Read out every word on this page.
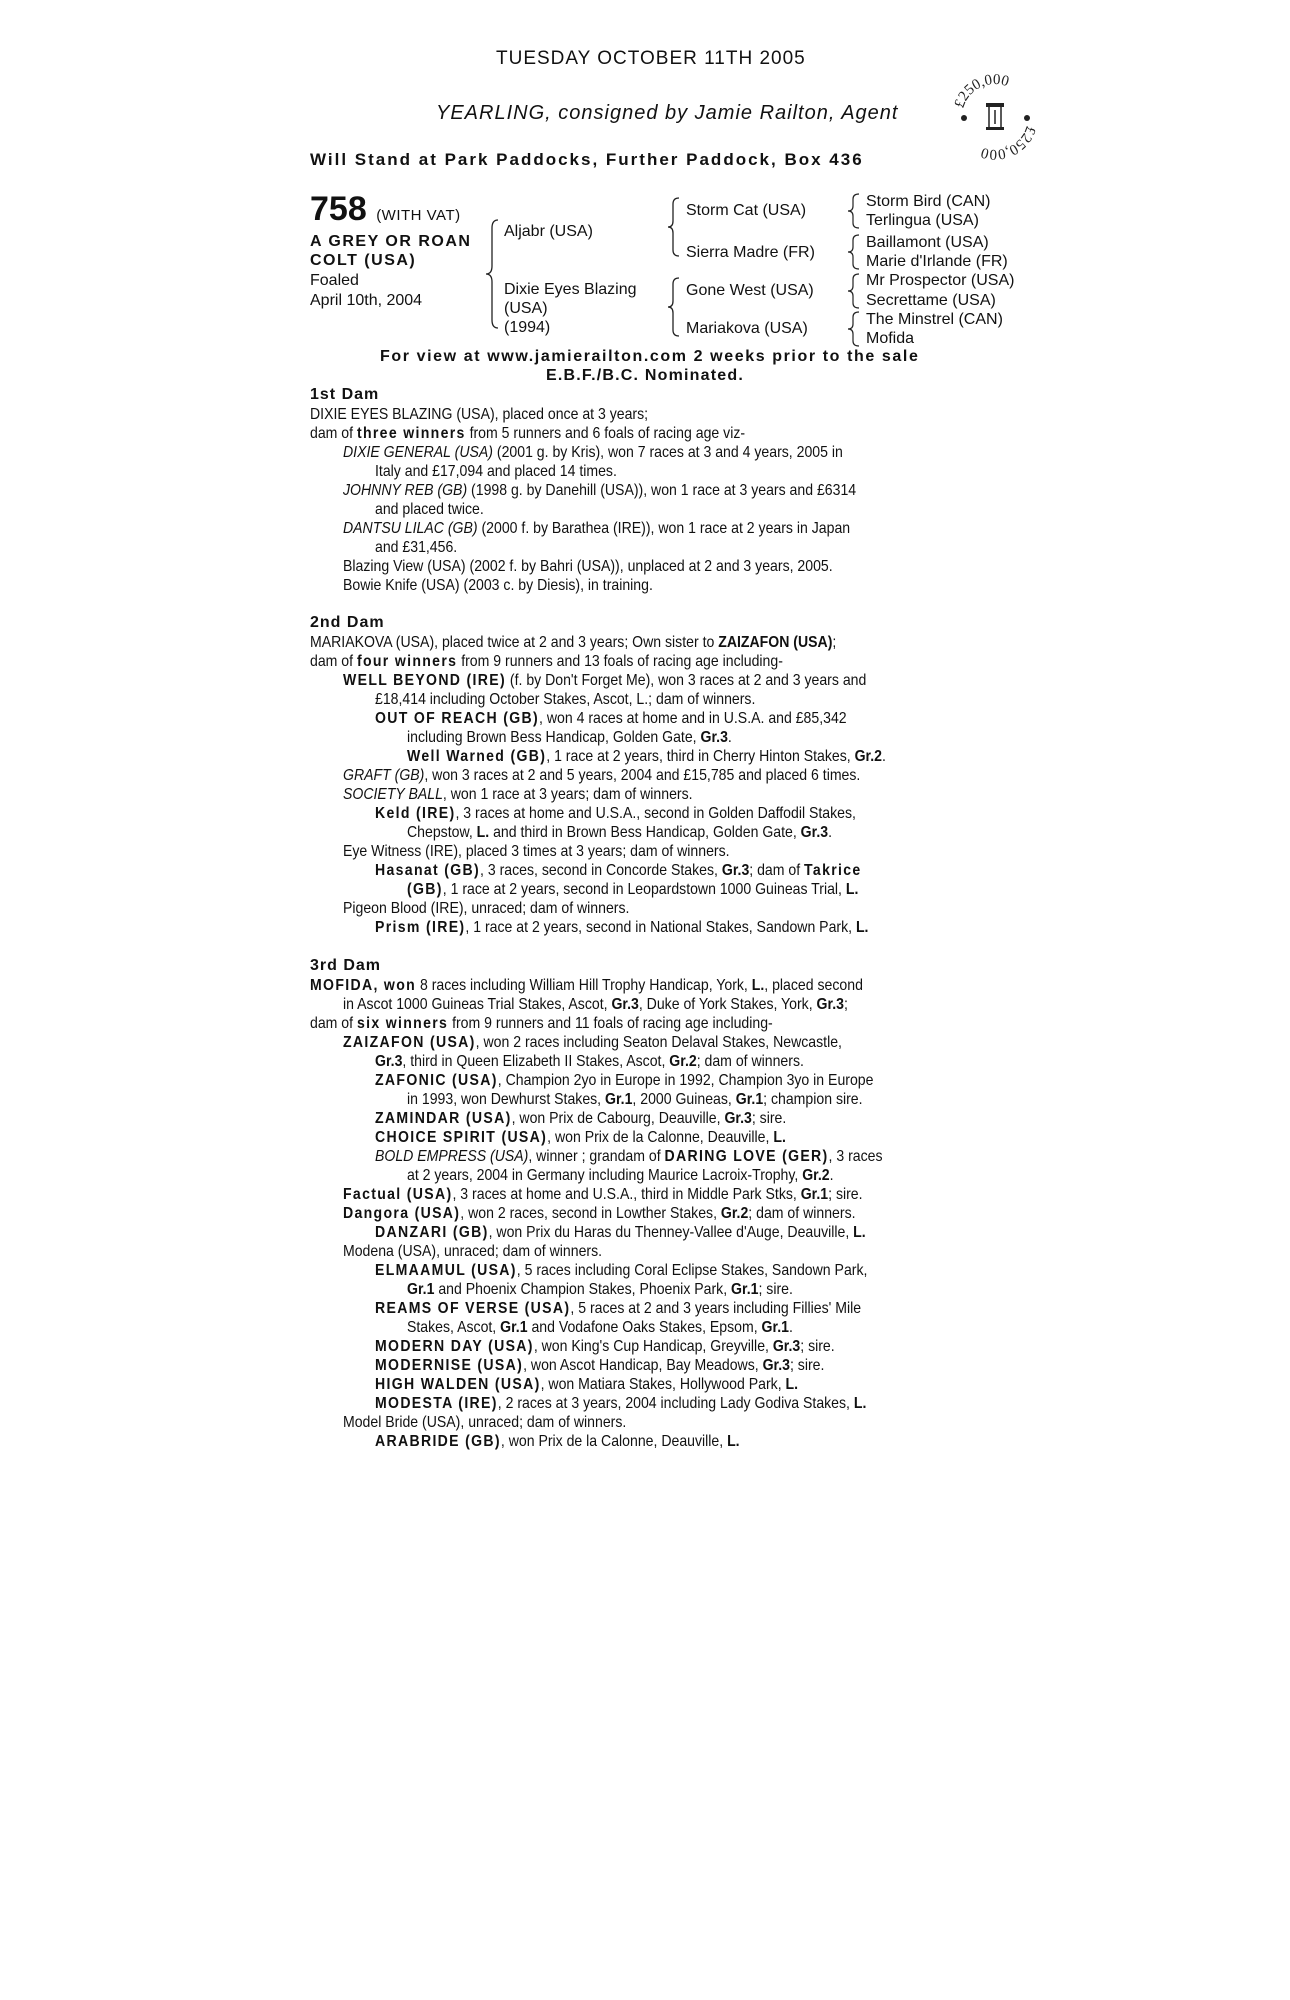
TUESDAY OCTOBER 11TH 2005
YEARLING, consigned by Jamie Railton, Agent
Will Stand at Park Paddocks, Further Paddock, Box 436
£250,000
£250,000
758 (WITH VAT)
A GREY OR ROAN
COLT (USA)
Foaled
April 10th, 2004
Aljabr (USA)
Dixie Eyes Blazing
(USA)
(1994)
Storm Cat (USA)
Sierra Madre (FR)
Gone West (USA)
Mariakova (USA)
Storm Bird (CAN)
Terlingua (USA)
Baillamont (USA)
Marie d'Irlande (FR)
Mr Prospector (USA)
Secrettame (USA)
The Minstrel (CAN)
Mofida
For view at www.jamierailton.com 2 weeks prior to the sale
E.B.F./B.C. Nominated.
1st Dam
DIXIE EYES BLAZING (USA), placed once at 3 years;
dam of three winners from 5 runners and 6 foals of racing age viz-
DIXIE GENERAL (USA) (2001 g. by Kris), won 7 races at 3 and 4 years, 2005 in
Italy and £17,094 and placed 14 times.
JOHNNY REB (GB) (1998 g. by Danehill (USA)), won 1 race at 3 years and £6314
and placed twice.
DANTSU LILAC (GB) (2000 f. by Barathea (IRE)), won 1 race at 2 years in Japan
and £31,456.
Blazing View (USA) (2002 f. by Bahri (USA)), unplaced at 2 and 3 years, 2005.
Bowie Knife (USA) (2003 c. by Diesis), in training.
2nd Dam
MARIAKOVA (USA), placed twice at 2 and 3 years; Own sister to ZAIZAFON (USA);
dam of four winners from 9 runners and 13 foals of racing age including-
WELL BEYOND (IRE) (f. by Don't Forget Me), won 3 races at 2 and 3 years and
£18,414 including October Stakes, Ascot, L.; dam of winners.
OUT OF REACH (GB), won 4 races at home and in U.S.A. and £85,342
including Brown Bess Handicap, Golden Gate, Gr.3.
Well Warned (GB), 1 race at 2 years, third in Cherry Hinton Stakes, Gr.2.
GRAFT (GB), won 3 races at 2 and 5 years, 2004 and £15,785 and placed 6 times.
SOCIETY BALL, won 1 race at 3 years; dam of winners.
Keld (IRE), 3 races at home and U.S.A., second in Golden Daffodil Stakes,
Chepstow, L. and third in Brown Bess Handicap, Golden Gate, Gr.3.
Eye Witness (IRE), placed 3 times at 3 years; dam of winners.
Hasanat (GB), 3 races, second in Concorde Stakes, Gr.3; dam of Takrice
(GB), 1 race at 2 years, second in Leopardstown 1000 Guineas Trial, L.
Pigeon Blood (IRE), unraced; dam of winners.
Prism (IRE), 1 race at 2 years, second in National Stakes, Sandown Park, L.
3rd Dam
MOFIDA, won 8 races including William Hill Trophy Handicap, York, L., placed second
in Ascot 1000 Guineas Trial Stakes, Ascot, Gr.3, Duke of York Stakes, York, Gr.3;
dam of six winners from 9 runners and 11 foals of racing age including-
ZAIZAFON (USA), won 2 races including Seaton Delaval Stakes, Newcastle,
Gr.3, third in Queen Elizabeth II Stakes, Ascot, Gr.2; dam of winners.
ZAFONIC (USA), Champion 2yo in Europe in 1992, Champion 3yo in Europe
in 1993, won Dewhurst Stakes, Gr.1, 2000 Guineas, Gr.1; champion sire.
ZAMINDAR (USA), won Prix de Cabourg, Deauville, Gr.3; sire.
CHOICE SPIRIT (USA), won Prix de la Calonne, Deauville, L.
BOLD EMPRESS (USA), winner ; grandam of DARING LOVE (GER), 3 races
at 2 years, 2004 in Germany including Maurice Lacroix-Trophy, Gr.2.
Factual (USA), 3 races at home and U.S.A., third in Middle Park Stks, Gr.1; sire.
Dangora (USA), won 2 races, second in Lowther Stakes, Gr.2; dam of winners.
DANZARI (GB), won Prix du Haras du Thenney-Vallee d'Auge, Deauville, L.
Modena (USA), unraced; dam of winners.
ELMAAMUL (USA), 5 races including Coral Eclipse Stakes, Sandown Park,
Gr.1 and Phoenix Champion Stakes, Phoenix Park, Gr.1; sire.
REAMS OF VERSE (USA), 5 races at 2 and 3 years including Fillies' Mile
Stakes, Ascot, Gr.1 and Vodafone Oaks Stakes, Epsom, Gr.1.
MODERN DAY (USA), won King's Cup Handicap, Greyville, Gr.3; sire.
MODERNISE (USA), won Ascot Handicap, Bay Meadows, Gr.3; sire.
HIGH WALDEN (USA), won Matiara Stakes, Hollywood Park, L.
MODESTA (IRE), 2 races at 3 years, 2004 including Lady Godiva Stakes, L.
Model Bride (USA), unraced; dam of winners.
ARABRIDE (GB), won Prix de la Calonne, Deauville, L.
